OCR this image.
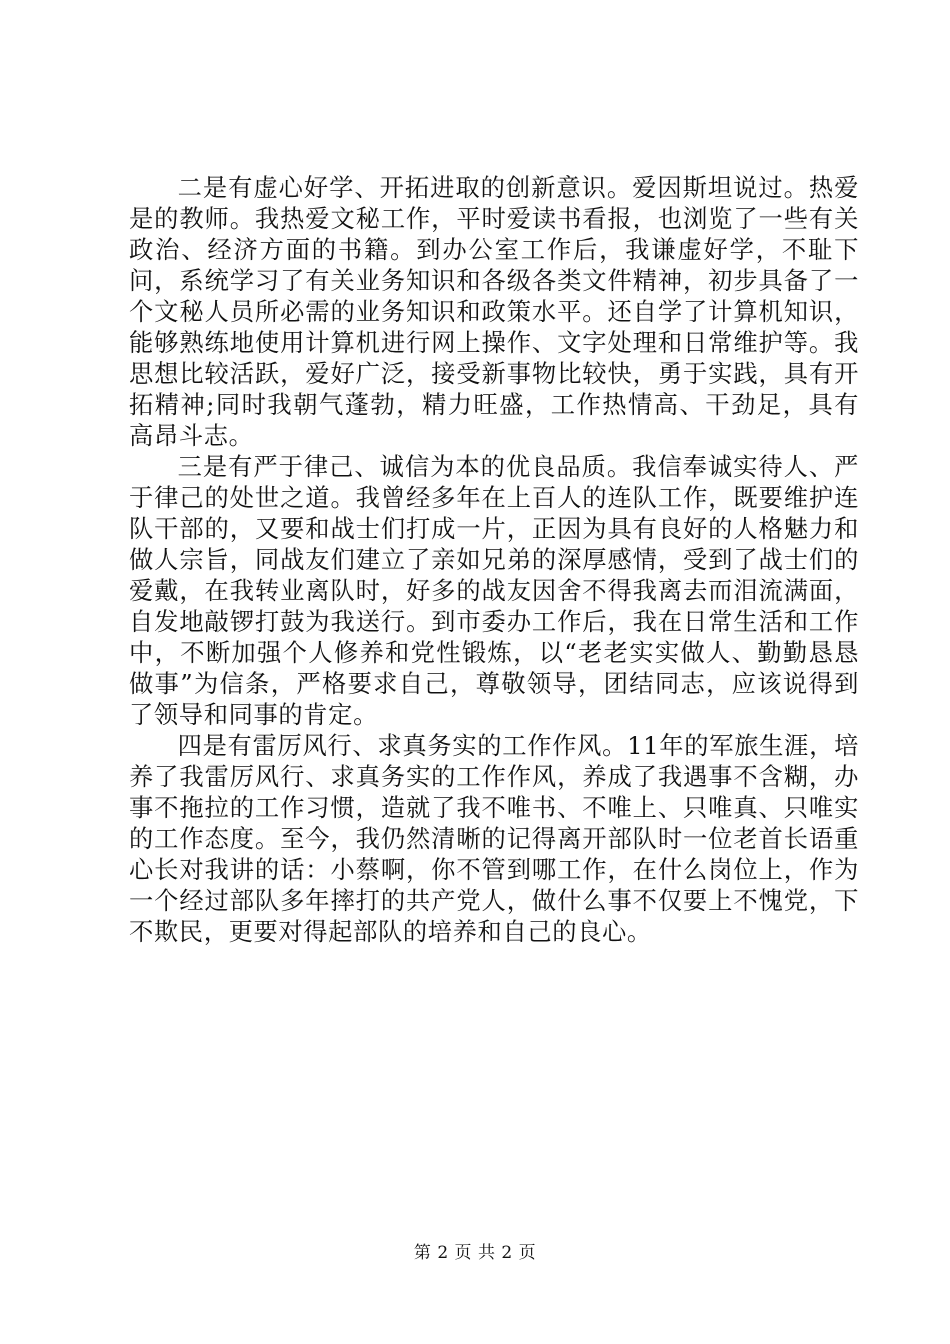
二是有虚心好学、开拓进取的创新意识。爱因斯坦说过。热爱是的教师。我热爱文秘工作，平时爱读书看报，也浏览了一些有关政治、经济方面的书籍。到办公室工作后，我谦虚好学，不耻下问，系统学习了有关业务知识和各级各类文件精神，初步具备了一个文秘人员所必需的业务知识和政策水平。还自学了计算机知识，能够熟练地使用计算机进行网上操作、文字处理和日常维护等。我思想比较活跃，爱好广泛，接受新事物比较快，勇于实践，具有开拓精神;同时我朝气蓬勃，精力旺盛，工作热情高、干劲足，具有高昂斗志。

三是有严于律己、诚信为本的优良品质。我信奉诚实待人、严于律己的处世之道。我曾经多年在上百人的连队工作，既要维护连队干部的，又要和战士们打成一片，正因为具有良好的人格魅力和做人宗旨，同战友们建立了亲如兄弟的深厚感情，受到了战士们的爱戴，在我转业离队时，好多的战友因舍不得我离去而泪流满面，自发地敲锣打鼓为我送行。到市委办工作后，我在日常生活和工作中，不断加强个人修养和党性锻炼，以“老老实实做人、勤勤恳恳做事”为信条，严格要求自己，尊敬领导，团结同志，应该说得到了领导和同事的肯定。

四是有雷厉风行、求真务实的工作作风。11年的军旅生涯，培养了我雷厉风行、求真务实的工作作风，养成了我遇事不含糊，办事不拖拉的工作习惯，造就了我不唯书、不唯上、只唯真、只唯实的工作态度。至今，我仍然清晰的记得离开部队时一位老首长语重心长对我讲的话：小蔡啊，你不管到哪工作，在什么岗位上，作为一个经过部队多年摔打的共产党人，做什么事不仅要上不愧党，下不欺民，更要对得起部队的培养和自己的良心。

第 2 页 共 2 页
